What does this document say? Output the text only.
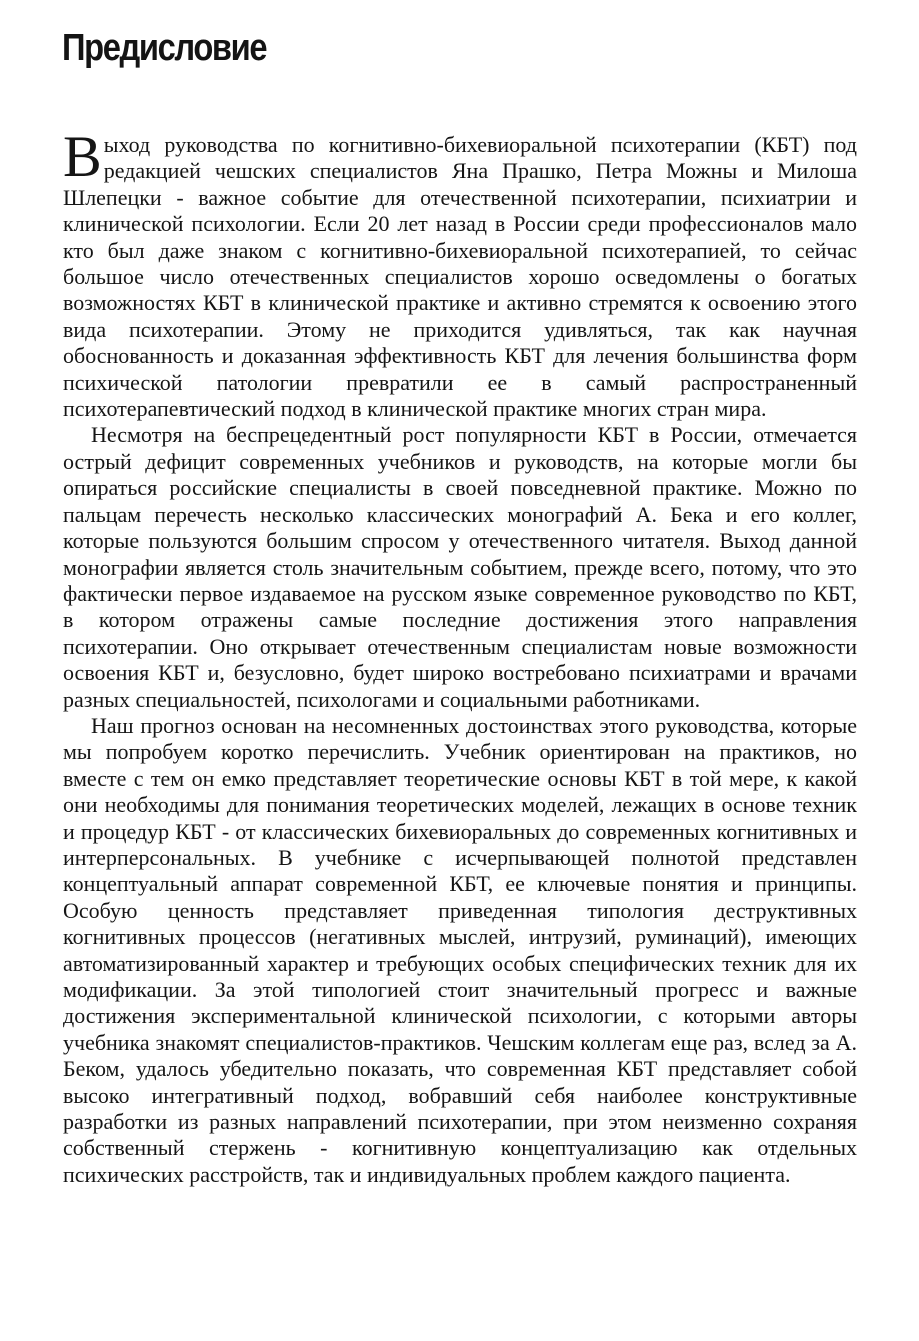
Предисловие

Выход руководства по когнитивно-бихевиоральной психотерапии (КБТ) под редакцией чешских специалистов Яна Прашко, Петра Можны и Милоша Шлепецки - важное событие для отечественной психотерапии, психиатрии и клинической психологии. Если 20 лет назад в России среди профессионалов мало кто был даже знаком с когнитивно-бихевиоральной психотерапией, то сейчас большое число отечественных специалистов хорошо осведомлены о богатых возможностях КБТ в клинической практике и активно стремятся к освоению этого вида психотерапии. Этому не приходится удивляться, так как научная обоснованность и доказанная эффективность КБТ для лечения большинства форм психической патологии превратили ее в самый распространенный психотерапевтический подход в клинической практике многих стран мира.

Несмотря на беспрецедентный рост популярности КБТ в России, отмечается острый дефицит современных учебников и руководств, на которые могли бы опираться российские специалисты в своей повседневной практике. Можно по пальцам перечесть несколько классических монографий А. Бека и его коллег, которые пользуются большим спросом у отечественного читателя. Выход данной монографии является столь значительным событием, прежде всего, потому, что это фактически первое издаваемое на русском языке современное руководство по КБТ, в котором отражены самые последние достижения этого направления психотерапии. Оно открывает отечественным специалистам новые возможности освоения КБТ и, безусловно, будет широко востребовано психиатрами и врачами разных специальностей, психологами и социальными работниками.

Наш прогноз основан на несомненных достоинствах этого руководства, которые мы попробуем коротко перечислить. Учебник ориентирован на практиков, но вместе с тем он емко представляет теоретические основы КБТ в той мере, к какой они необходимы для понимания теоретических моделей, лежащих в основе техник и процедур КБТ - от классических бихевиоральных до современных когнитивных и интерперсональных. В учебнике с исчерпывающей полнотой представлен концептуальный аппарат современной КБТ, ее ключевые понятия и принципы. Особую ценность представляет приведенная типология деструктивных когнитивных процессов (негативных мыслей, интрузий, руминаций), имеющих автоматизированный характер и требующих особых специфических техник для их модификации. За этой типологией стоит значительный прогресс и важные достижения экспериментальной клинической психологии, с которыми авторы учебника знакомят специалистов-практиков. Чешским коллегам еще раз, вслед за А. Беком, удалось убедительно показать, что современная КБТ представляет собой высоко интегративный подход, вобравший себя наиболее конструктивные разработки из разных направлений психотерапии, при этом неизменно сохраняя собственный стержень - когнитивную концептуализацию как отдельных психических расстройств, так и индивидуальных проблем каждого пациента.
